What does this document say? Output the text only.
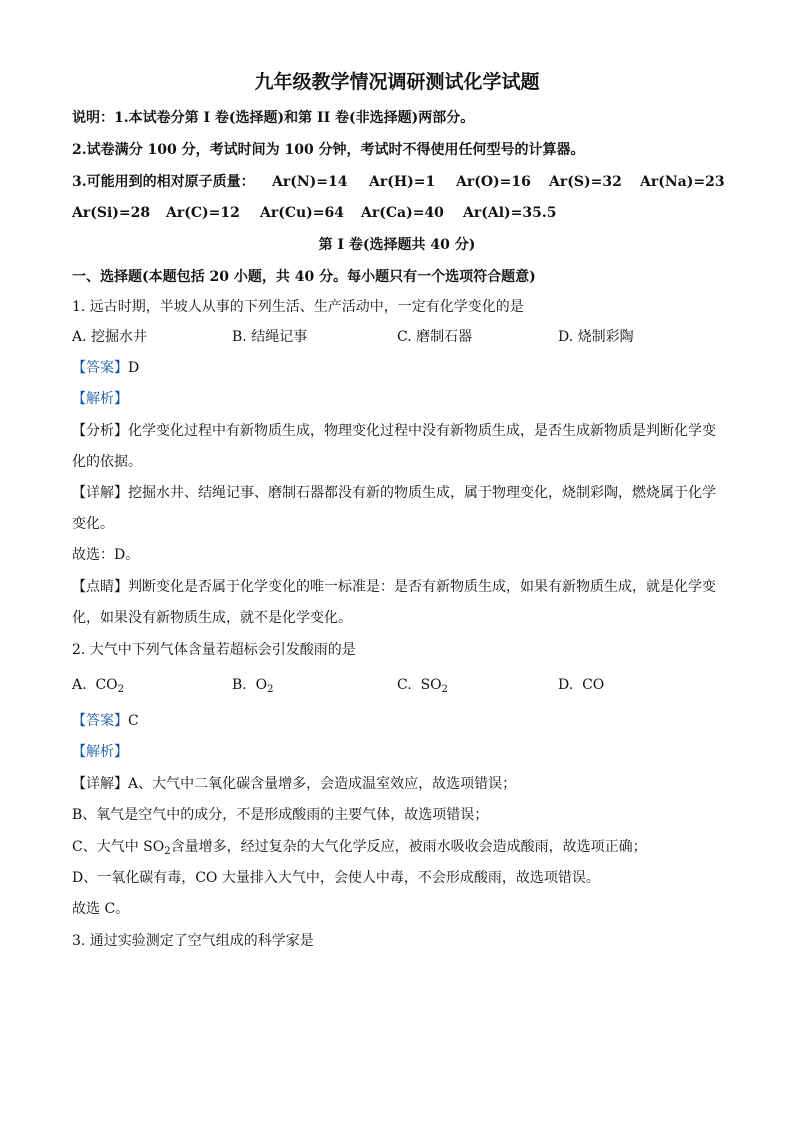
九年级教学情况调研测试化学试题
说明：1.本试卷分第 I 卷(选择题)和第 II 卷(非选择题)两部分。
2.试卷满分 100 分，考试时间为 100 分钟，考试时不得使用任何型号的计算器。
3.可能用到的相对原子质量： Ar(N)=14 Ar(H)=1 Ar(O)=16 Ar(S)=32 Ar(Na)=23
Ar(Si)=28 Ar(C)=12 Ar(Cu)=64 Ar(Ca)=40 Ar(Al)=35.5
第 I 卷(选择题共 40 分)
一、选择题(本题包括 20 小题，共 40 分。每小题只有一个选项符合题意)
1. 远古时期，半坡人从事的下列生活、生产活动中，一定有化学变化的是
A. 挖掘水井	B. 结绳记事	C. 磨制石器	D. 烧制彩陶
【答案】D
【解析】
【分析】化学变化过程中有新物质生成，物理变化过程中没有新物质生成，是否生成新物质是判断化学变
化的依据。
【详解】挖掘水井、结绳记事、磨制石器都没有新的物质生成，属于物理变化，烧制彩陶，燃烧属于化学
变化。
故选：D。
【点睛】判断变化是否属于化学变化的唯一标准是：是否有新物质生成，如果有新物质生成，就是化学变
化，如果没有新物质生成，就不是化学变化。
2. 大气中下列气体含量若超标会引发酸雨的是
A. $CO_2$	B. $O_2$	C. $SO_2$	D. CO
【答案】C
【解析】
【详解】A、大气中二氧化碳含量增多，会造成温室效应，故选项错误；
B、氧气是空气中的成分，不是形成酸雨的主要气体，故选项错误；
C、大气中 $SO_2$含量增多，经过复杂的大气化学反应，被雨水吸收会造成酸雨，故选项正确；
D、一氧化碳有毒，CO 大量排入大气中，会使人中毒，不会形成酸雨，故选项错误。
故选 C。
3. 通过实验测定了空气组成的科学家是
